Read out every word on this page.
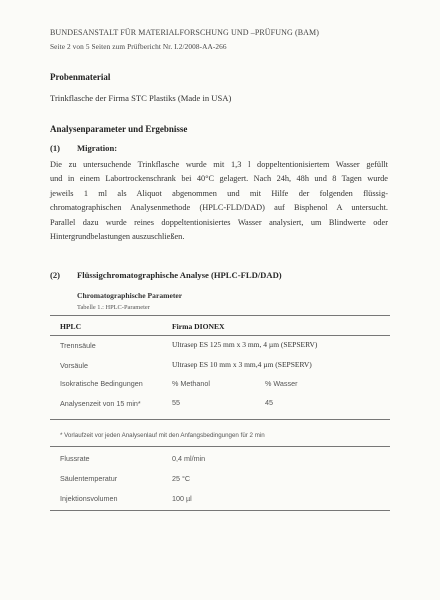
BUNDESANSTALT FÜR MATERIALFORSCHUNG UND –PRÜFUNG (BAM)
Seite 2 von 5 Seiten zum Prüfbericht Nr. I.2/2008-AA-266
Probenmaterial
Trinkflasche der Firma STC Plastiks (Made in USA)
Analysenparameter und Ergebnisse
(1) Migration:
Die zu untersuchende Trinkflasche wurde mit 1,3 l doppeltentionisiertem Wasser gefüllt
und in einem Labortrockenschrank bei 40°C gelagert. Nach 24h, 48h und 8 Tagen wurde
jeweils 1 ml als Aliquot abgenommen und mit Hilfe der folgenden flüssig-
chromatographischen Analysenmethode (HPLC-FLD/DAD) auf Bisphenol A untersucht.
Parallel dazu wurde reines doppeltentionisiertes Wasser analysiert, um Blindwerte oder
Hintergrundbelastungen auszuschließen.
(2) Flüssigchromatographische Analyse (HPLC-FLD/DAD)
Chromatographische Parameter
Tabelle 1.: HPLC-Parameter
HPLC	Firma DIONEX
Trennsäule	Ultrasep ES 125 mm x 3 mm, 4 µm (SEPSERV)
Vorsäule	Ultrasep ES 10 mm x 3 mm,4 µm (SEPSERV)
Isokratische Bedingungen	% Methanol	% Wasser
Analysenzeit von 15 min*	55	45
* Vorlaufzeit vor jeden Analysenlauf mit den Anfangsbedingungen für 2 min
Flussrate	0,4 ml/min
Säulentemperatur	25 °C
Injektionsvolumen	100 µl
